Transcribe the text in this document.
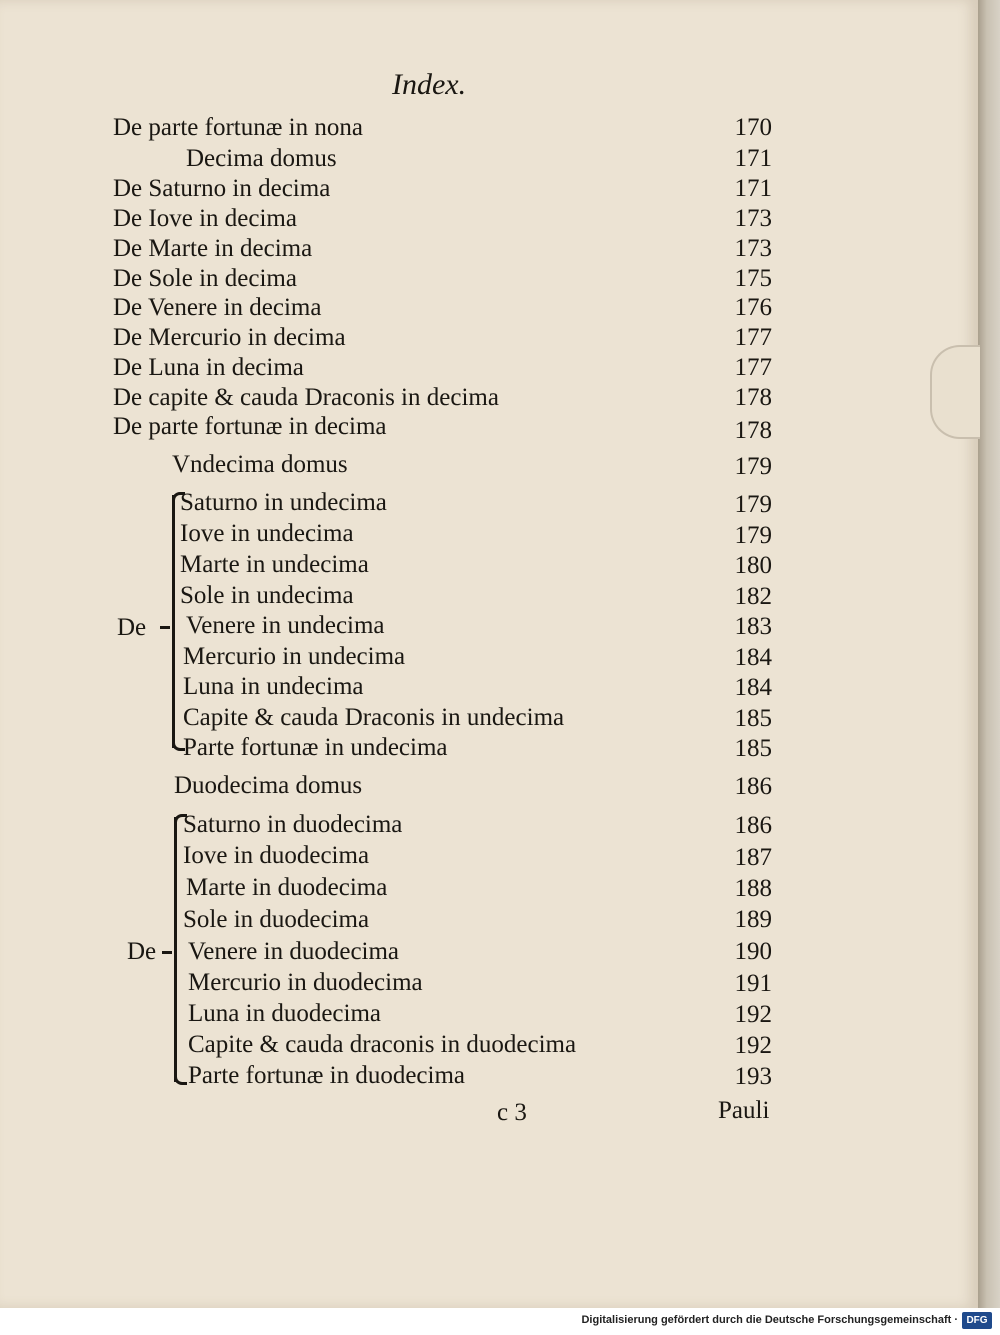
Index.
De parte fortunæ in nona	170
Decima domus	171
De Saturno in decima	171
De Iove in decima	173
De Marte in decima	173
De Sole in decima	175
De Venere in decima	176
De Mercurio in decima	177
De Luna in decima	177
De capite & cauda Draconis in decima	178
De parte fortunæ in decima	178
Vndecima domus	179
De
Saturno in undecima	179
Iove in undecima	179
Marte in undecima	180
Sole in undecima	182
Venere in undecima	183
Mercurio in undecima	184
Luna in undecima	184
Capite & cauda Draconis in undecima	185
Parte fortunæ in undecima	185
Duodecima domus	186
De
Saturno in duodecima	186
Iove in duodecima	187
Marte in duodecima	188
Sole in duodecima	189
Venere in duodecima	190
Mercurio in duodecima	191
Luna in duodecima	192
Capite & cauda draconis in duodecima	192
Parte fortunæ in duodecima	193
c 3	Pauli
Digitalisierung gefördert durch die Deutsche Forschungsgemeinschaft · DFG
